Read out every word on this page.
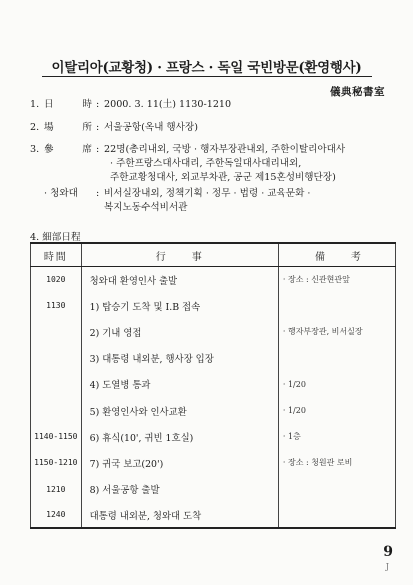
이탈리아(교황청) · 프랑스 · 독일 국빈방문(환영행사)
儀典秘書室
1. 日　　　時 : 2000. 3. 11(土) 1130-1210
2. 場　　　所 : 서울공항(옥내 행사장)
3. 參　　　席 : 22명(총리내외, 국방 · 행자부장관내외, 주한이탈리아대사
· 주한프랑스대사대리, 주한독일대사대리내외,
주한교황청대사, 외교부차관, 공군 제15혼성비행단장)
· 청와대 : 비서실장내외, 정책기획 · 정무 · 법령 · 교육문화 ·
복지노동수석비서관
4. 細部日程
時間	行　　事	備　　考
1020	청와대 환영인사 출발	· 장소 : 신관현관앞
1130	1) 탑승기 도착 및 I.B 접속	
	2) 기내 영접	· 행자부장관, 비서실장
	3) 대통령 내외분, 행사장 입장	
	4) 도열병 통과	· 1/20
	5) 환영인사와 인사교환	· 1/20
1140-1150	6) 휴식(10', 귀빈 1호실)	· 1층
1150-1210	7) 귀국 보고(20')	· 장소 : 청원관 로비
1210	8) 서울공항 출발	
1240	대통령 내외분, 청와대 도착	
9
J
